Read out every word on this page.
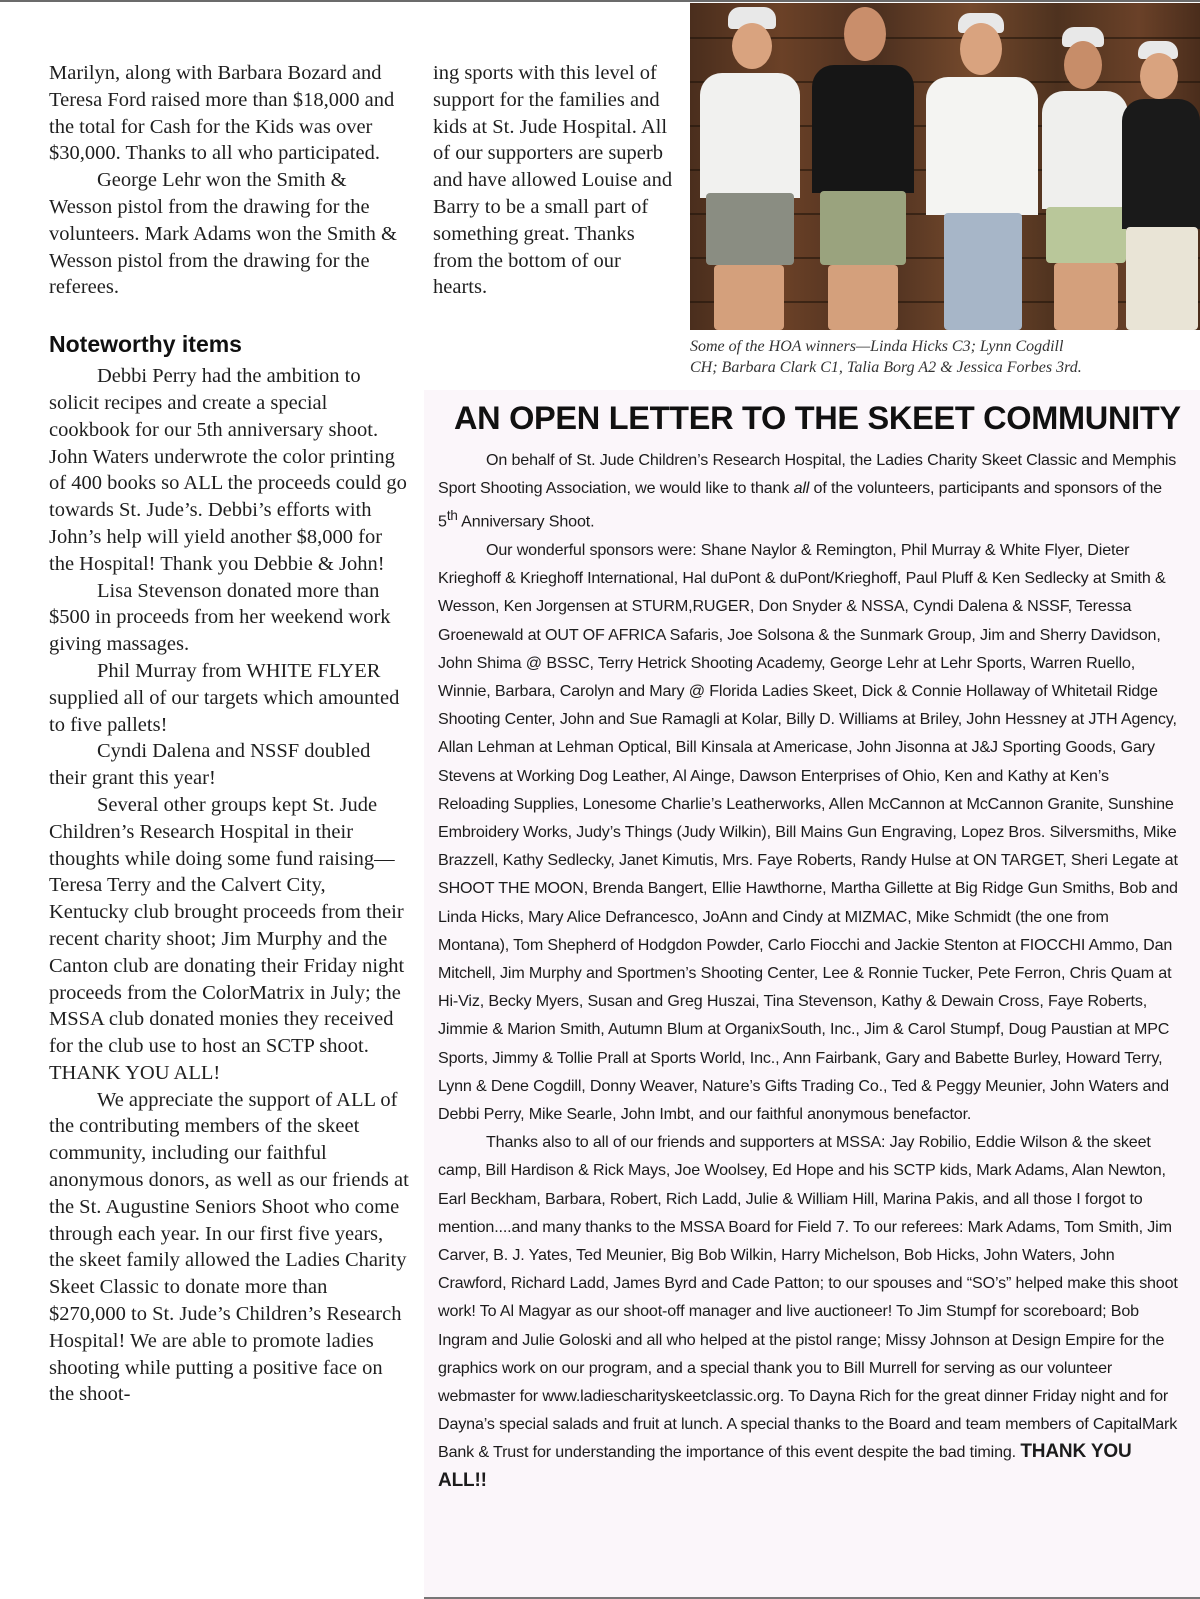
Marilyn, along with Barbara Bozard and Teresa Ford raised more than $18,000 and the total for Cash for the Kids was over $30,000. Thanks to all who participated.

George Lehr won the Smith & Wesson pistol from the drawing for the volunteers. Mark Adams won the Smith & Wesson pistol from the drawing for the referees.

Noteworthy items

Debbi Perry had the ambition to solicit recipes and create a special cookbook for our 5th anniversary shoot. John Waters underwrote the color printing of 400 books so ALL the proceeds could go towards St. Jude’s. Debbi’s efforts with John’s help will yield another $8,000 for the Hospital! Thank you Debbie & John!

Lisa Stevenson donated more than $500 in proceeds from her weekend work giving massages.

Phil Murray from WHITE FLYER supplied all of our targets which amounted to five pallets!

Cyndi Dalena and NSSF doubled their grant this year!

Several other groups kept St. Jude Children’s Research Hospital in their thoughts while doing some fund raising—Teresa Terry and the Calvert City, Kentucky club brought proceeds from their recent charity shoot; Jim Murphy and the Canton club are donating their Friday night proceeds from the ColorMatrix in July; the MSSA club donated monies they received for the club use to host an SCTP shoot. THANK YOU ALL!

We appreciate the support of ALL of the contributing members of the skeet community, including our faithful anonymous donors, as well as our friends at the St. Augustine Seniors Shoot who come through each year. In our first five years, the skeet family allowed the Ladies Charity Skeet Classic to donate more than $270,000 to St. Jude’s Children’s Research Hospital! We are able to promote ladies shooting while putting a positive face on the shoot-

ing sports with this level of support for the families and kids at St. Jude Hospital. All of our supporters are superb and have allowed Louise and Barry to be a small part of something great. Thanks from the bottom of our hearts.

Some of the HOA winners—Linda Hicks C3; Lynn Cogdill
CH; Barbara Clark C1, Talia Borg A2 & Jessica Forbes 3rd.
AN OPEN LETTER TO THE SKEET COMMUNITY

On behalf of St. Jude Children’s Research Hospital, the Ladies Charity Skeet Classic and Memphis Sport Shooting Association, we would like to thank all of the volunteers, participants and sponsors of the 5th Anniversary Shoot.

Our wonderful sponsors were: Shane Naylor & Remington, Phil Murray & White Flyer, Dieter Krieghoff & Krieghoff International, Hal duPont & duPont/Krieghoff, Paul Pluff & Ken Sedlecky at Smith & Wesson, Ken Jorgensen at STURM,RUGER, Don Snyder & NSSA, Cyndi Dalena & NSSF, Teressa Groenewald at OUT OF AFRICA Safaris, Joe Solsona & the Sunmark Group, Jim and Sherry Davidson, John Shima @ BSSC, Terry Hetrick Shooting Academy, George Lehr at Lehr Sports, Warren Ruello, Winnie, Barbara, Carolyn and Mary @ Florida Ladies Skeet, Dick & Connie Hollaway of Whitetail Ridge Shooting Center, John and Sue Ramagli at Kolar, Billy D. Williams at Briley, John Hessney at JTH Agency, Allan Lehman at Lehman Optical, Bill Kinsala at Americase, John Jisonna at J&J Sporting Goods, Gary Stevens at Working Dog Leather, Al Ainge, Dawson Enterprises of Ohio, Ken and Kathy at Ken’s Reloading Supplies, Lonesome Charlie’s Leatherworks, Allen McCannon at McCannon Granite, Sunshine Embroidery Works, Judy’s Things (Judy Wilkin), Bill Mains Gun Engraving, Lopez Bros. Silversmiths, Mike Brazzell, Kathy Sedlecky, Janet Kimutis, Mrs. Faye Roberts, Randy Hulse at ON TARGET, Sheri Legate at SHOOT THE MOON, Brenda Bangert, Ellie Hawthorne, Martha Gillette at Big Ridge Gun Smiths, Bob and Linda Hicks, Mary Alice Defrancesco, JoAnn and Cindy at MIZMAC, Mike Schmidt (the one from Montana), Tom Shepherd of Hodgdon Powder, Carlo Fiocchi and Jackie Stenton at FIOCCHI Ammo, Dan Mitchell, Jim Murphy and Sportmen’s Shooting Center, Lee & Ronnie Tucker, Pete Ferron, Chris Quam at Hi-Viz, Becky Myers, Susan and Greg Huszai, Tina Stevenson, Kathy & Dewain Cross, Faye Roberts, Jimmie & Marion Smith, Autumn Blum at OrganixSouth, Inc., Jim & Carol Stumpf, Doug Paustian at MPC Sports, Jimmy & Tollie Prall at Sports World, Inc., Ann Fairbank, Gary and Babette Burley, Howard Terry, Lynn & Dene Cogdill, Donny Weaver, Nature’s Gifts Trading Co., Ted & Peggy Meunier, John Waters and Debbi Perry, Mike Searle, John Imbt, and our faithful anonymous benefactor.

Thanks also to all of our friends and supporters at MSSA: Jay Robilio, Eddie Wilson & the skeet camp, Bill Hardison & Rick Mays, Joe Woolsey, Ed Hope and his SCTP kids, Mark Adams, Alan Newton, Earl Beckham, Barbara, Robert, Rich Ladd, Julie & William Hill, Marina Pakis, and all those I forgot to mention....and many thanks to the MSSA Board for Field 7. To our referees: Mark Adams, Tom Smith, Jim Carver, B. J. Yates, Ted Meunier, Big Bob Wilkin, Harry Michelson, Bob Hicks, John Waters, John Crawford, Richard Ladd, James Byrd and Cade Patton; to our spouses and “SO’s” helped make this shoot work! To Al Magyar as our shoot-off manager and live auctioneer! To Jim Stumpf for scoreboard; Bob Ingram and Julie Goloski and all who helped at the pistol range; Missy Johnson at Design Empire for the graphics work on our program, and a special thank you to Bill Murrell for serving as our volunteer webmaster for www.ladiescharityskeetclassic.org. To Dayna Rich for the great dinner Friday night and for Dayna’s special salads and fruit at lunch. A special thanks to the Board and team members of CapitalMark Bank & Trust for understanding the importance of this event despite the bad timing. THANK YOU ALL!!
